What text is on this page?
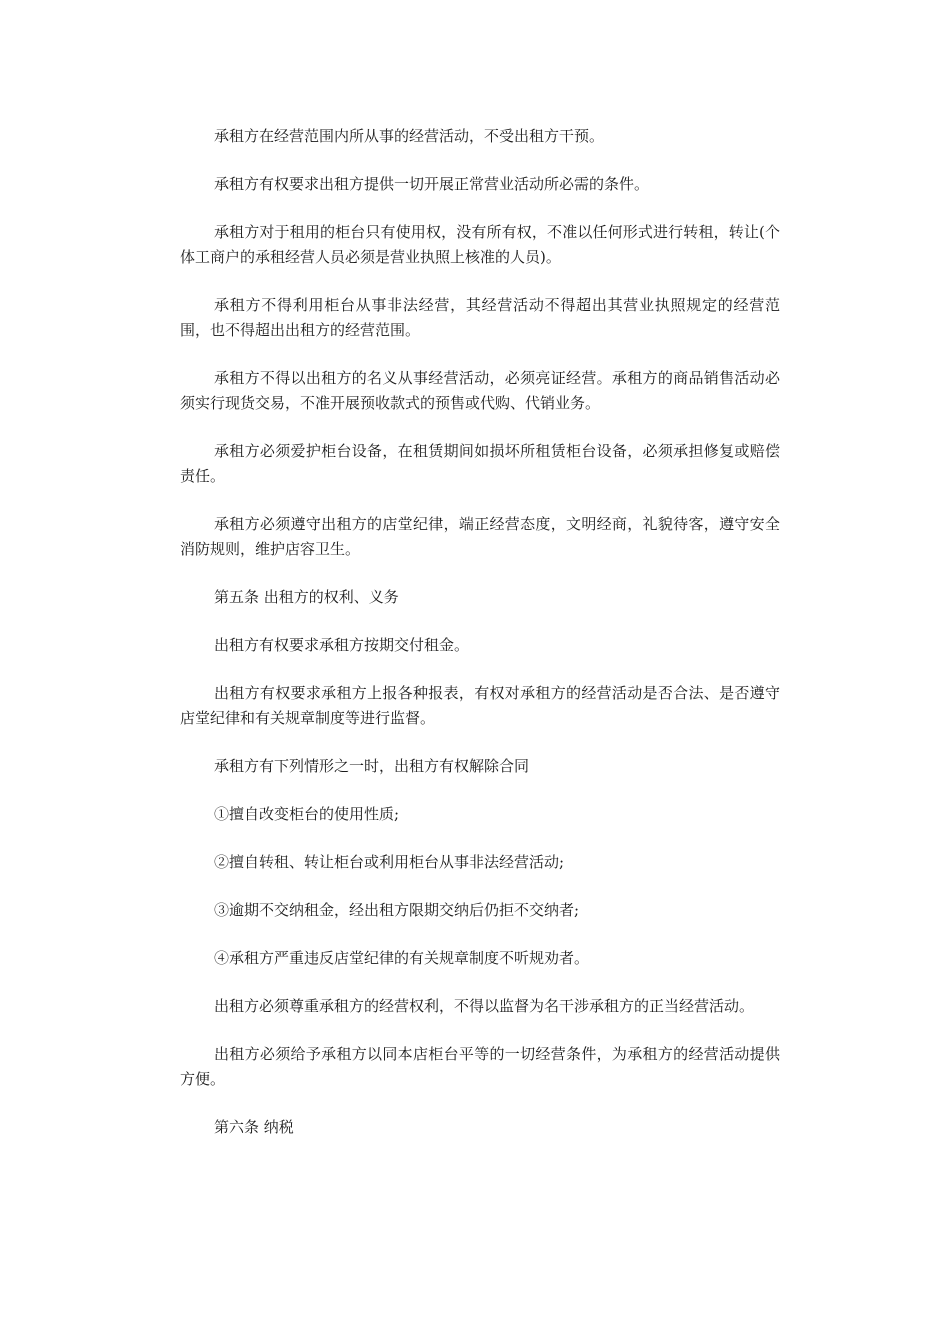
承租方在经营范围内所从事的经营活动，不受出租方干预。

承租方有权要求出租方提供一切开展正常营业活动所必需的条件。

承租方对于租用的柜台只有使用权，没有所有权，不准以任何形式进行转租，转让(个体工商户的承租经营人员必须是营业执照上核准的人员)。

承租方不得利用柜台从事非法经营，其经营活动不得超出其营业执照规定的经营范围，也不得超出出租方的经营范围。

承租方不得以出租方的名义从事经营活动，必须亮证经营。承租方的商品销售活动必须实行现货交易，不准开展预收款式的预售或代购、代销业务。

承租方必须爱护柜台设备，在租赁期间如损坏所租赁柜台设备，必须承担修复或赔偿责任。

承租方必须遵守出租方的店堂纪律，端正经营态度，文明经商，礼貌待客，遵守安全消防规则，维护店容卫生。

第五条 出租方的权利、义务

出租方有权要求承租方按期交付租金。

出租方有权要求承租方上报各种报表，有权对承租方的经营活动是否合法、是否遵守店堂纪律和有关规章制度等进行监督。

承租方有下列情形之一时，出租方有权解除合同

①擅自改变柜台的使用性质;

②擅自转租、转让柜台或利用柜台从事非法经营活动;

③逾期不交纳租金，经出租方限期交纳后仍拒不交纳者;

④承租方严重违反店堂纪律的有关规章制度不听规劝者。

出租方必须尊重承租方的经营权利，不得以监督为名干涉承租方的正当经营活动。

出租方必须给予承租方以同本店柜台平等的一切经营条件，为承租方的经营活动提供方便。

第六条 纳税
